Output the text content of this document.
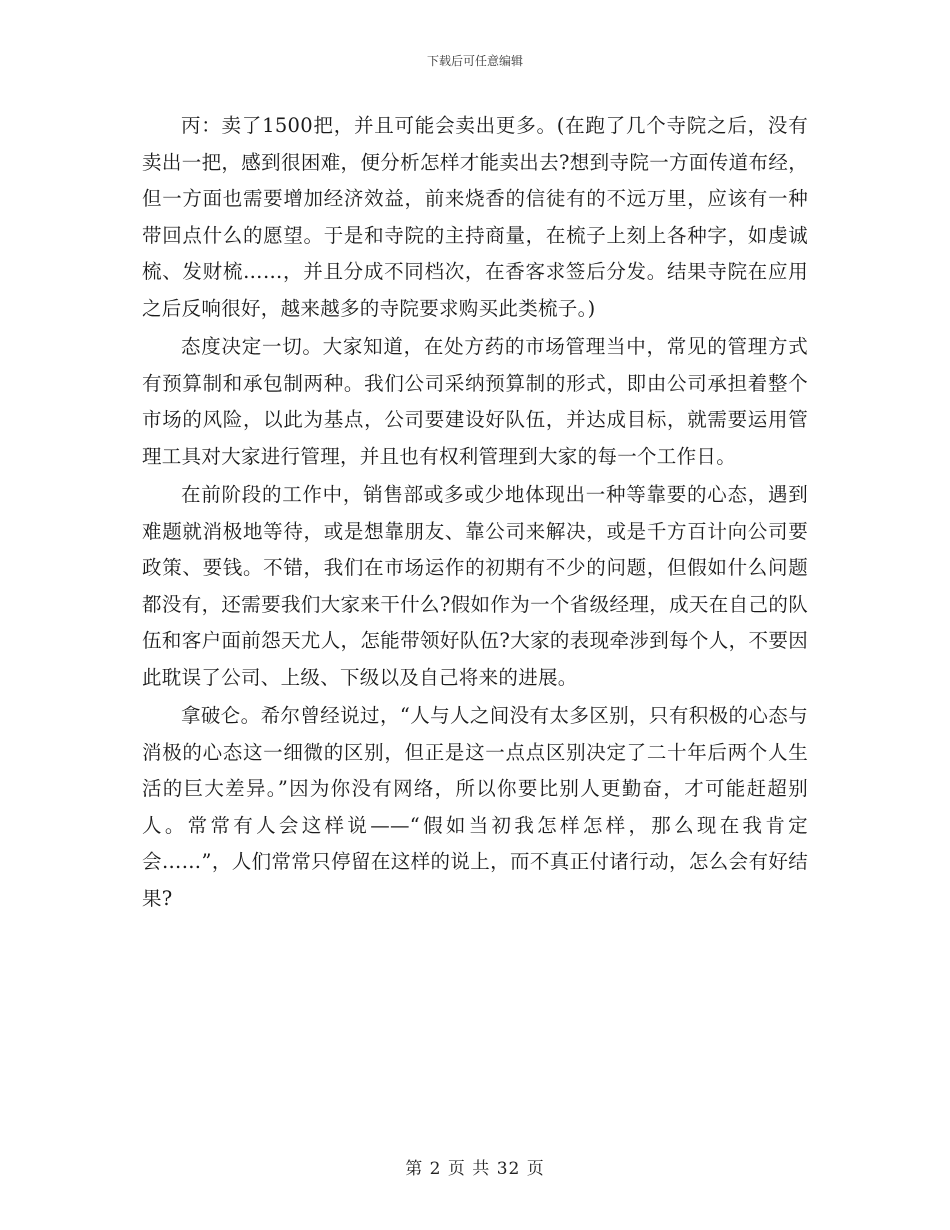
下载后可任意编辑

丙：卖了1500把，并且可能会卖出更多。(在跑了几个寺院之后，没有卖出一把，感到很困难，便分析怎样才能卖出去?想到寺院一方面传道布经，但一方面也需要增加经济效益，前来烧香的信徒有的不远万里，应该有一种带回点什么的愿望。于是和寺院的主持商量，在梳子上刻上各种字，如虔诚梳、发财梳……，并且分成不同档次，在香客求签后分发。结果寺院在应用之后反响很好，越来越多的寺院要求购买此类梳子。)

态度决定一切。大家知道，在处方药的市场管理当中，常见的管理方式有预算制和承包制两种。我们公司采纳预算制的形式，即由公司承担着整个市场的风险，以此为基点，公司要建设好队伍，并达成目标，就需要运用管理工具对大家进行管理，并且也有权利管理到大家的每一个工作日。

在前阶段的工作中，销售部或多或少地体现出一种等靠要的心态，遇到难题就消极地等待，或是想靠朋友、靠公司来解决，或是千方百计向公司要政策、要钱。不错，我们在市场运作的初期有不少的问题，但假如什么问题都没有，还需要我们大家来干什么?假如作为一个省级经理，成天在自己的队伍和客户面前怨天尤人，怎能带领好队伍?大家的表现牵涉到每个人，不要因此耽误了公司、上级、下级以及自己将来的进展。

拿破仑。希尔曾经说过，“人与人之间没有太多区别，只有积极的心态与消极的心态这一细微的区别，但正是这一点点区别决定了二十年后两个人生活的巨大差异。”因为你没有网络，所以你要比别人更勤奋，才可能赶超别人。常常有人会这样说——“假如当初我怎样怎样，那么现在我肯定会……”，人们常常只停留在这样的说上，而不真正付诸行动，怎么会有好结果?

第 2 页 共 32 页
